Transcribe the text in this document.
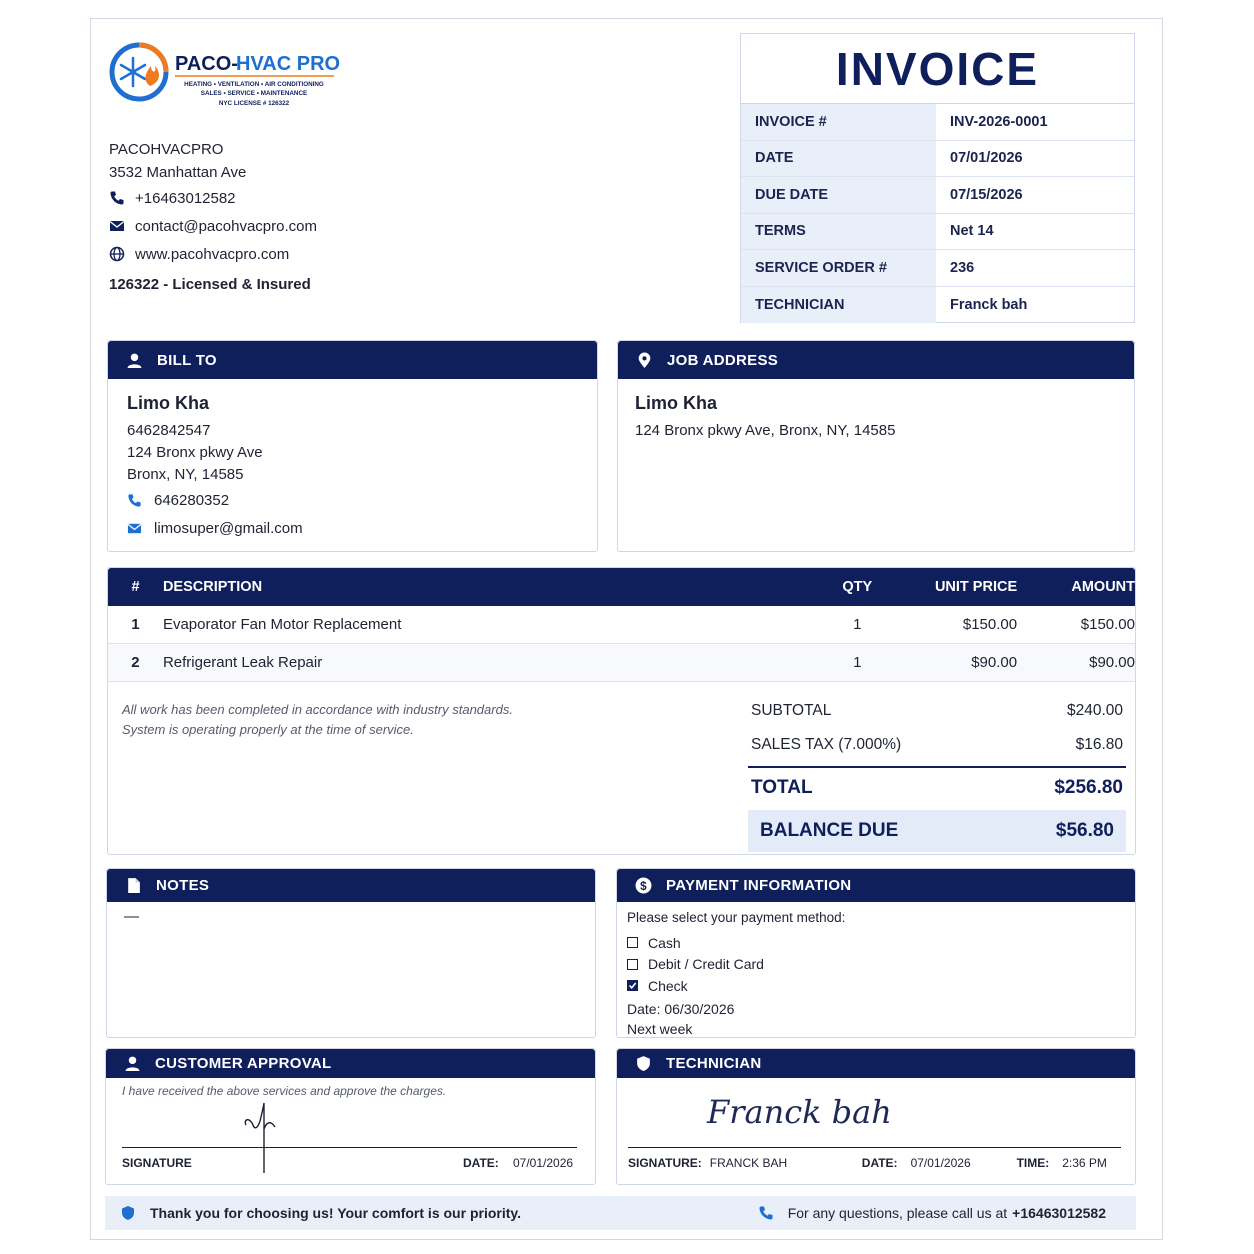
PACO-
HVAC PRO
HEATING • VENTILATION • AIR CONDITIONING
SALES • SERVICE • MAINTENANCE
NYC LICENSE # 126322
PACOHVACPRO
3532 Manhattan Ave
+16463012582
contact@pacohvacpro.com
www.pacohvacpro.com
126322 - Licensed & Insured
INVOICE
INVOICE #	INV-2026-0001
DATE	07/01/2026
DUE DATE	07/15/2026
TERMS	Net 14
SERVICE ORDER #	236
TECHNICIAN	Franck bah
BILL TO
Limo Kha
6462842547
124 Bronx pkwy Ave
Bronx, NY, 14585
646280352
limosuper@gmail.com
JOB ADDRESS
Limo Kha
124 Bronx pkwy Ave, Bronx, NY, 14585
#	DESCRIPTION	QTY	UNIT PRICE	AMOUNT
1	Evaporator Fan Motor Replacement	1	$150.00	$150.00
2	Refrigerant Leak Repair	1	$90.00	$90.00
All work has been completed in accordance with industry standards.
System is operating properly at the time of service.
SUBTOTAL	$240.00
SALES TAX (7.000%)	$16.80
TOTAL	$256.80
BALANCE DUE	$56.80
NOTES
—
$ PAYMENT INFORMATION
Please select your payment method:
Cash
Debit / Credit Card
Check
Date: 06/30/2026
Next week
CUSTOMER APPROVAL
I have received the above services and approve the charges.
SIGNATURE	DATE: 07/01/2026
TECHNICIAN
Franck bah
SIGNATURE: FRANCK BAH	DATE: 07/01/2026	TIME: 2:36 PM
Thank you for choosing us! Your comfort is our priority.	For any questions, please call us at +16463012582
